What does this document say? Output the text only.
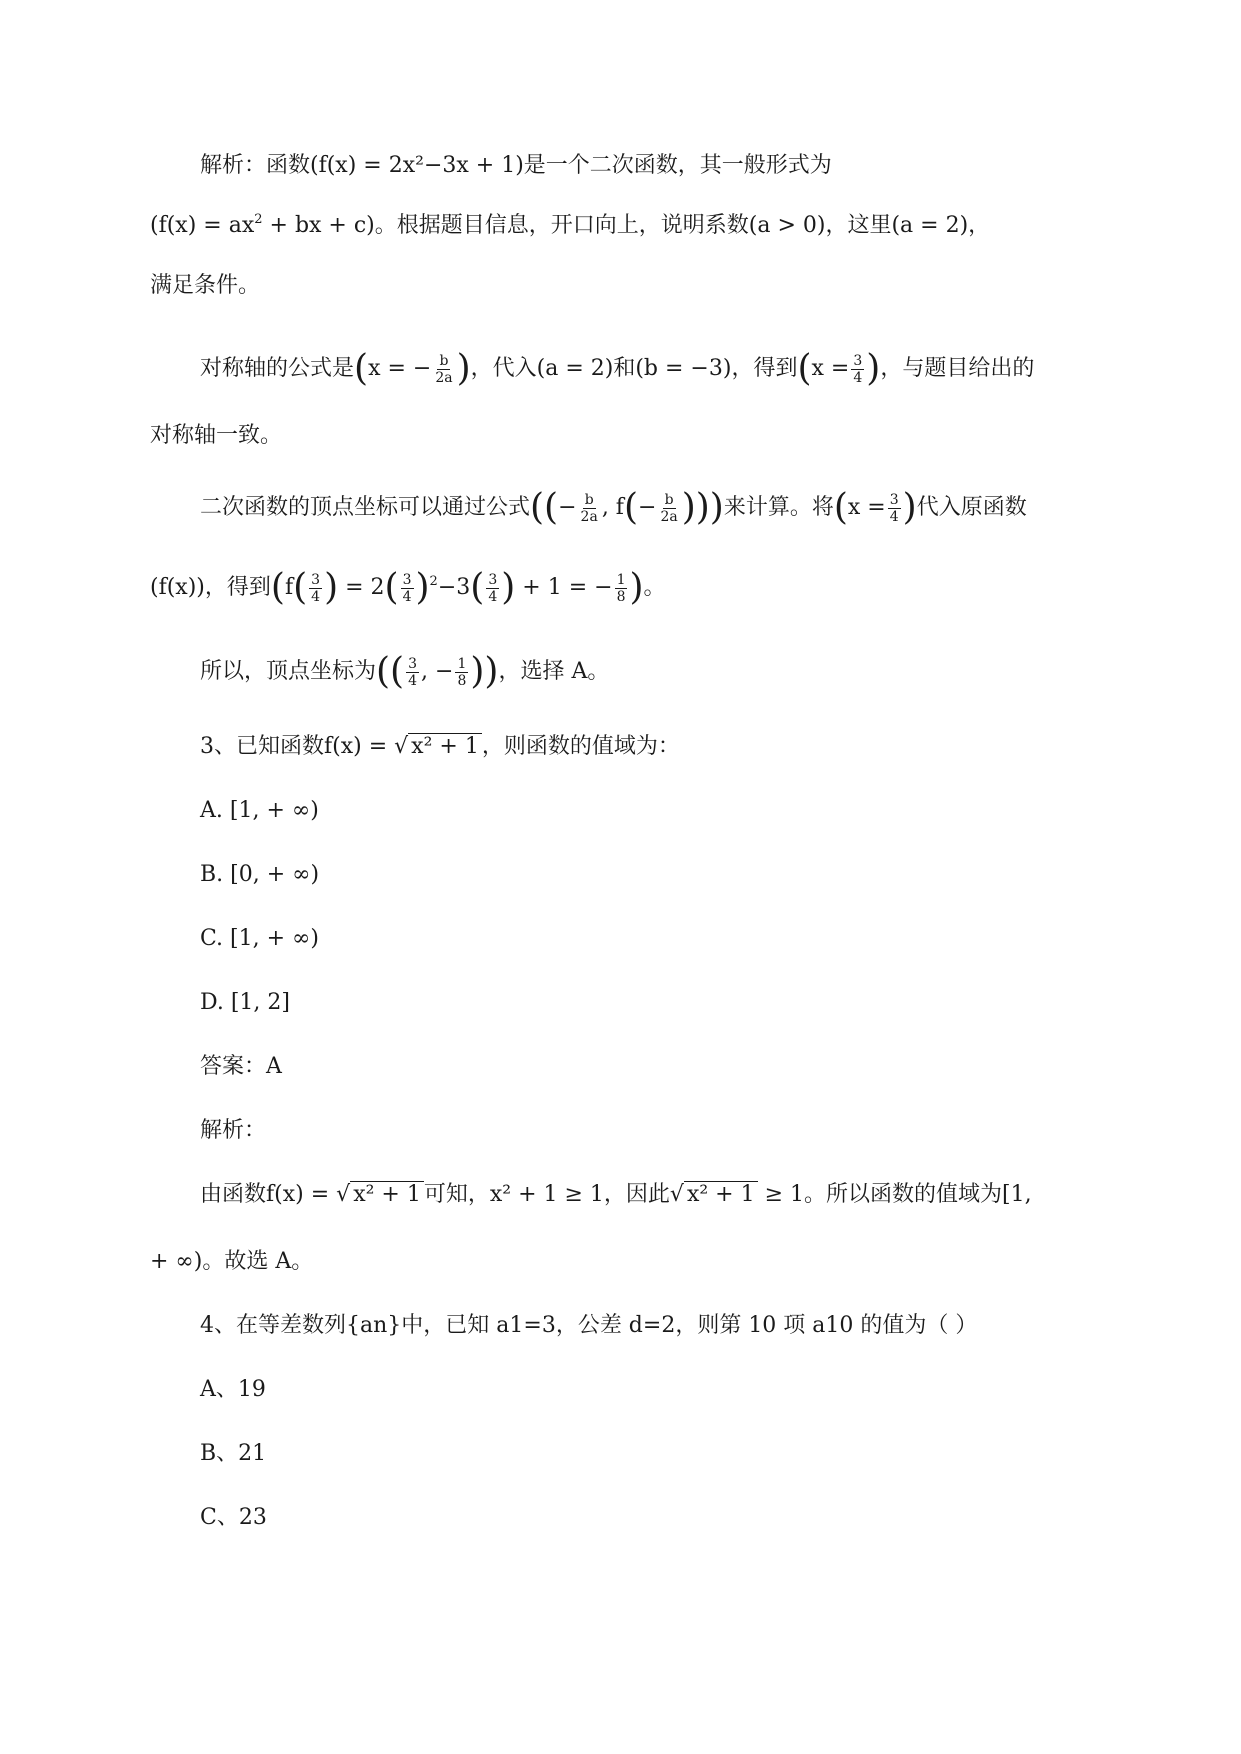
解析：函数(f(x) = 2x²−3x + 1)是一个二次函数，其一般形式为
($f(x) = ax^2$ + bx + c)。根据题目信息，开口向上，说明系数(a > 0)，这里(a = 2)，
满足条件。
对称轴的公式是(x = − $\frac{b}{2a}$ )，代入(a = 2)和(b = −3)，得到($x = \frac{3}{4}$ )，与题目给出的
对称轴一致。
二次函数的顶点坐标可以通过公式((− $\frac{b}{2a}$ , $f(- \frac{b}{2a}$ )))来计算。将($x = \frac{3}{4}$ )代入原函数
(f(x))，得到($f( \frac{3}{4}$ ) = $2( \frac{3}{4} )^2-3( \frac{3}{4}$ ) + 1 = − $\frac{1}{8}$ )。
所以，顶点坐标为(( $\frac{3}{4}$ , − $\frac{1}{8}$ ))，选择 A。
3、已知函数f(x) = √ x² + 1 ，则函数的值域为：
A. [1, + ∞)
B. [0, + ∞)
C. [1, + ∞)
D. [1, 2]
答案：A
解析：
由函数f(x) = √ x² + 1 可知，x² + 1 ≥ 1，因此√ x² + 1 ≥ 1。所以函数的值域为[1,
+ ∞)。故选 A。
4、在等差数列{an}中，已知 a1=3，公差 d=2，则第 10 项 a10 的值为（ ）
A、19
B、21
C、23
